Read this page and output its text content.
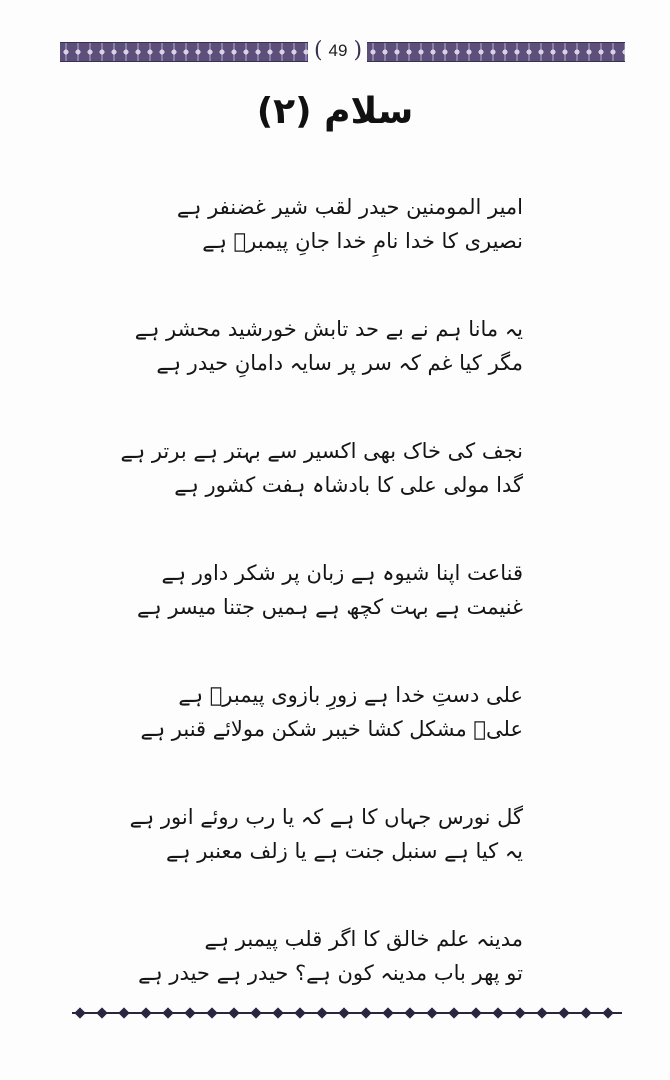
( 49 )
سلام (۲)
امیر المومنین حیدر لقب شیر غضنفر ہے
نصیری کا خدا نامِ خدا جانِ پیمبرؐ ہے
یہ مانا ہم نے بے حد تابش خورشید محشر ہے
مگر کیا غم کہ سر پر سایہ دامانِ حیدر ہے
نجف کی خاک بھی اکسیر سے بہتر ہے برتر ہے
گدا مولی علی کا بادشاہ ہفت کشور ہے
قناعت اپنا شیوہ ہے زبان پر شکر داور ہے
غنیمت ہے بہت کچھ ہے ہمیں جتنا میسر ہے
علی دستِ خدا ہے زورِ بازوی پیمبرؐ ہے
علیؑ مشکل کشا خیبر شکن مولائے قنبر ہے
گل نورس جہاں کا ہے کہ یا رب روئے انور ہے
یہ کیا ہے سنبل جنت ہے یا زلف معنبر ہے
مدینہ علم خالق کا اگر قلب پیمبر ہے
تو پھر باب مدینہ کون ہے؟ حیدر ہے حیدر ہے
